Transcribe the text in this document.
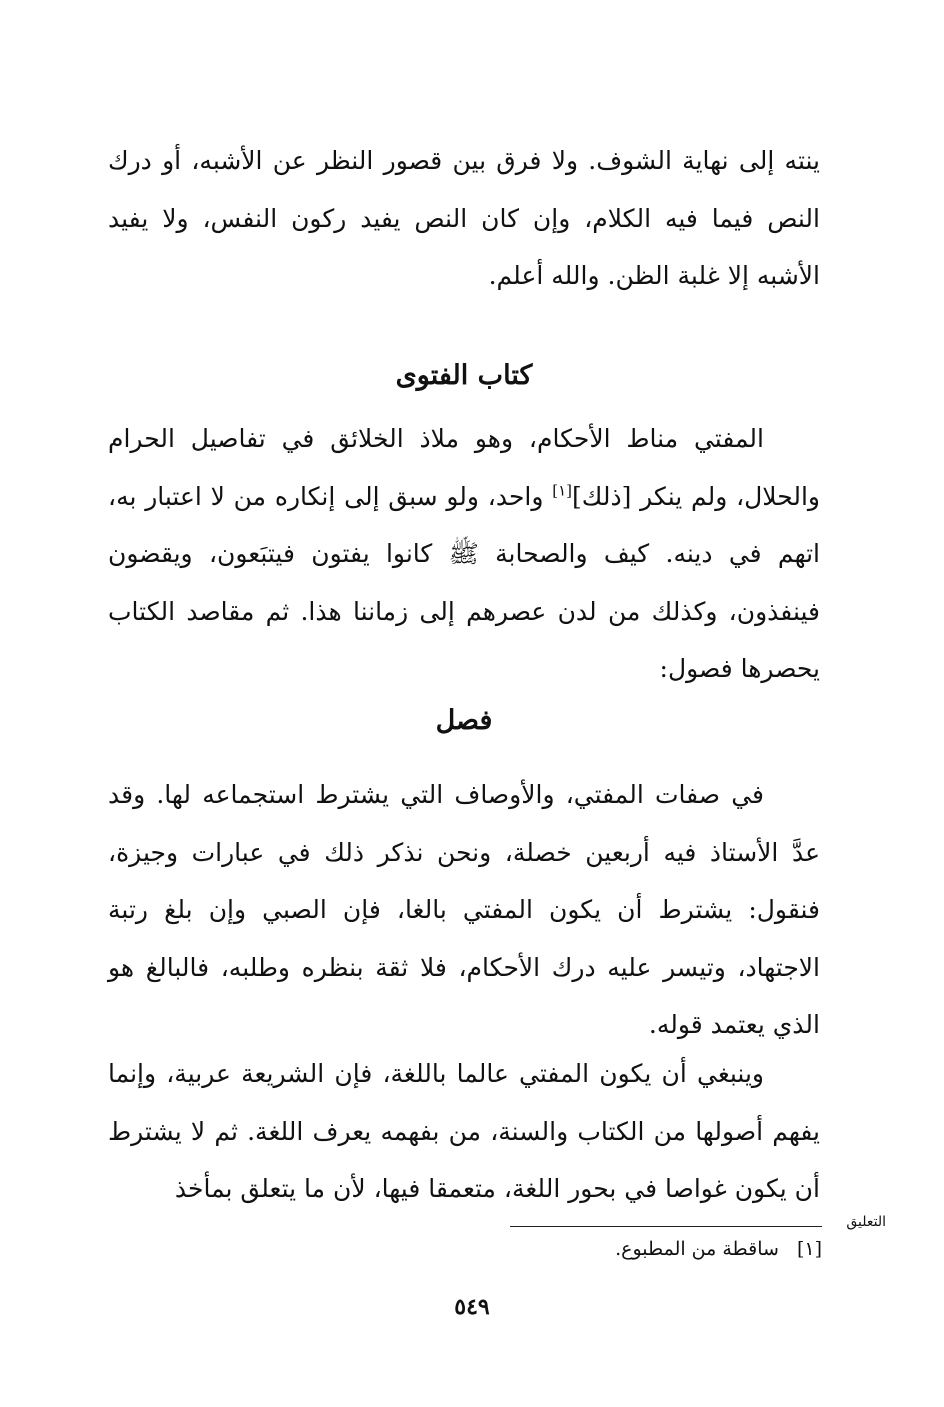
ينته إلى نهاية الشوف. ولا فرق بين قصور النظر عن الأشبه، أو درك النص فيما فيه الكلام، وإن كان النص يفيد ركون النفس، ولا يفيد الأشبه إلا غلبة الظن. والله أعلم.

كتاب الفتوى

المفتي مناط الأحكام، وهو ملاذ الخلائق في تفاصيل الحرام والحلال، ولم ينكر [ذلك][١] واحد، ولو سبق إلى إنكاره من لا اعتبار به، اتهم في دينه. كيف والصحابة ﷺ كانوا يفتون فيتبَعون، ويقضون فينفذون، وكذلك من لدن عصرهم إلى زماننا هذا. ثم مقاصد الكتاب يحصرها فصول:

فصل

في صفات المفتي، والأوصاف التي يشترط استجماعه لها. وقد عدَّ الأستاذ فيه أربعين خصلة، ونحن نذكر ذلك في عبارات وجيزة، فنقول: يشترط أن يكون المفتي بالغا، فإن الصبي وإن بلغ رتبة الاجتهاد، وتيسر عليه درك الأحكام، فلا ثقة بنظره وطلبه، فالبالغ هو الذي يعتمد قوله.

وينبغي أن يكون المفتي عالما باللغة، فإن الشريعة عربية، وإنما يفهم أصولها من الكتاب والسنة، من بفهمه يعرف اللغة. ثم لا يشترط أن يكون غواصا في بحور اللغة، متعمقا فيها، لأن ما يتعلق بمأخذ

التعليق
[١]ساقطة من المطبوع.
٥٤٩
